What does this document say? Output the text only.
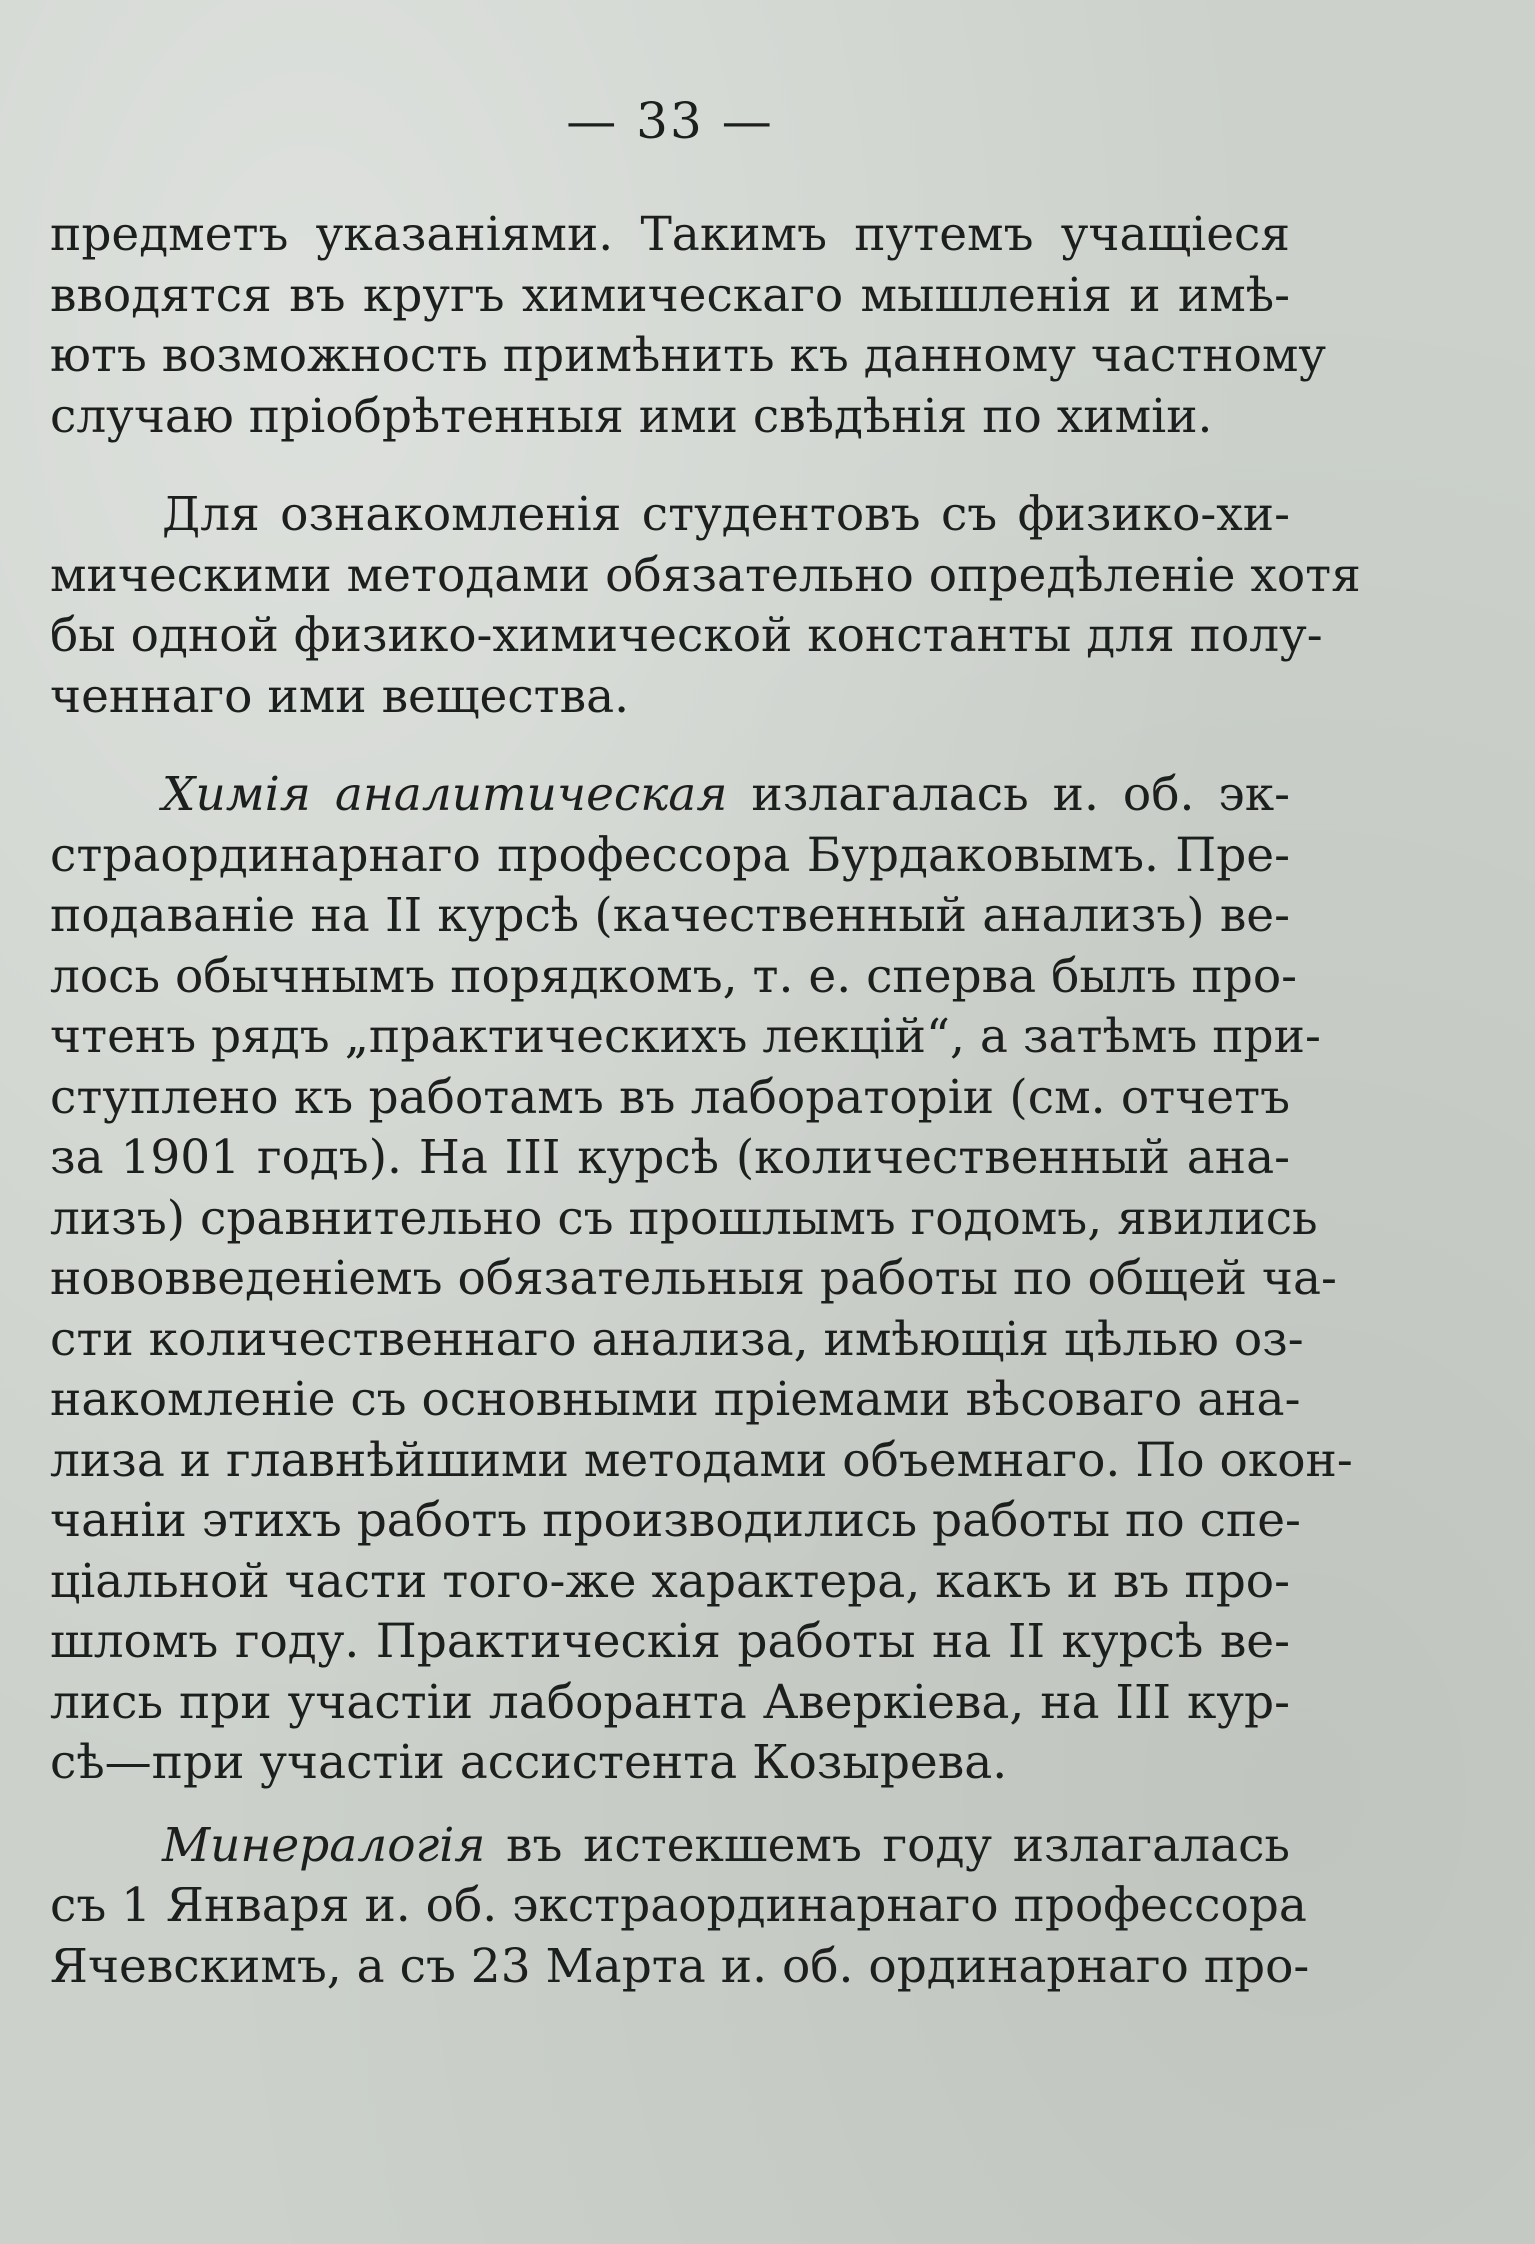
— 33 —

предметъ указаніями. Такимъ путемъ учащіеся
вводятся въ кругъ химическаго мышленія и имѣ-
ютъ возможность примѣнить къ данному частному
случаю пріобрѣтенныя ими свѣдѣнія по химіи.

Для ознакомленія студентовъ съ физико-хи-
мическими методами обязательно опредѣленіе хотя
бы одной физико-химической константы для полу-
ченнаго ими вещества.

Химія аналитическая излагалась и. об. эк-
страординарнаго профессора Бурдаковымъ. Пре-
подаваніе на II курсѣ (качественный анализъ) ве-
лось обычнымъ порядкомъ, т. е. сперва былъ про-
чтенъ рядъ „практическихъ лекцій“, а затѣмъ при-
ступлено къ работамъ въ лабораторіи (см. отчетъ
за 1901 годъ). На III курсѣ (количественный ана-
лизъ) сравнительно съ прошлымъ годомъ, явились
нововведеніемъ обязательныя работы по общей ча-
сти количественнаго анализа, имѣющія цѣлью оз-
накомленіе съ основными пріемами вѣсоваго ана-
лиза и главнѣйшими методами объемнаго. По окон-
чаніи этихъ работъ производились работы по спе-
ціальной части того-же характера, какъ и въ про-
шломъ году. Практическія работы на II курсѣ ве-
лись при участіи лаборанта Аверкіева, на III кур-
сѣ—при участіи ассистента Козырева.

Минералогія въ истекшемъ году излагалась
съ 1 Января и. об. экстраординарнаго профессора
Ячевскимъ, а съ 23 Марта и. об. ординарнаго про-
